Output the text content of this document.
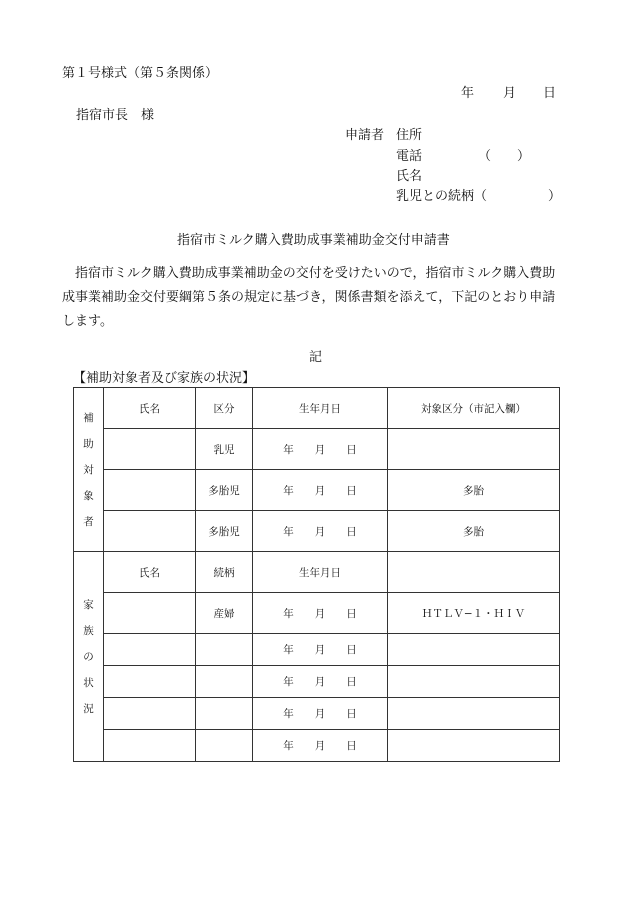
第１号様式（第５条関係）
年 月 日
指宿市長　様
申請者 住所
電話	（　　）
氏名
乳児との続柄（	）
指宿市ミルク購入費助成事業補助金交付申請書
指宿市ミルク購入費助成事業補助金の交付を受けたいので，指宿市ミルク購入費助成事業補助金交付要綱第５条の規定に基づき，関係書類を添えて，下記のとおり申請します。
記
【補助対象者及び家族の状況】
補
助
対
象
者	氏名	区分	生年月日	対象区分（市記入欄）
		乳児	年   月   日	
		多胎児	年   月   日	多胎
		多胎児	年   月   日	多胎

家
族
の
状
況	氏名	続柄	生年月日	
		産婦	年   月   日	ＨＴＬＶ−１・ＨＩＶ
			年   月   日	
			年   月   日	
			年   月   日	
			年   月   日	
